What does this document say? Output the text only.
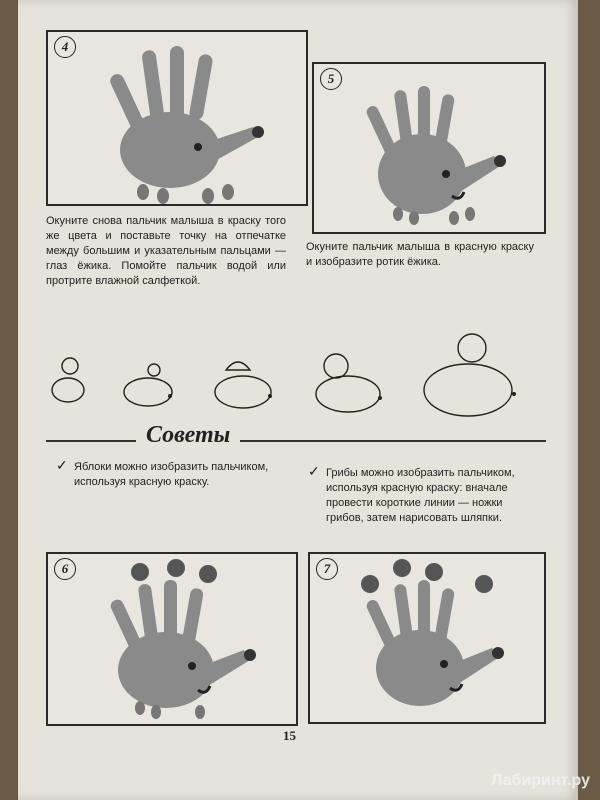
4
5
Окуните снова пальчик малыша в краску того же цвета и поставьте точку на отпечатке между большим и указательным пальцами — глаз ёжика. Помойте пальчик водой или протрите влажной салфеткой.
Окуните пальчик малыша в красную краску и изобразите ротик ёжика.
Советы
✓ Яблоки можно изобразить пальчиком, используя красную краску.
✓ Грибы можно изобразить пальчиком, используя красную краску: вначале провести короткие линии — ножки грибов, затем нарисовать шляпки.
6	7
15
Лабиринт.ру
